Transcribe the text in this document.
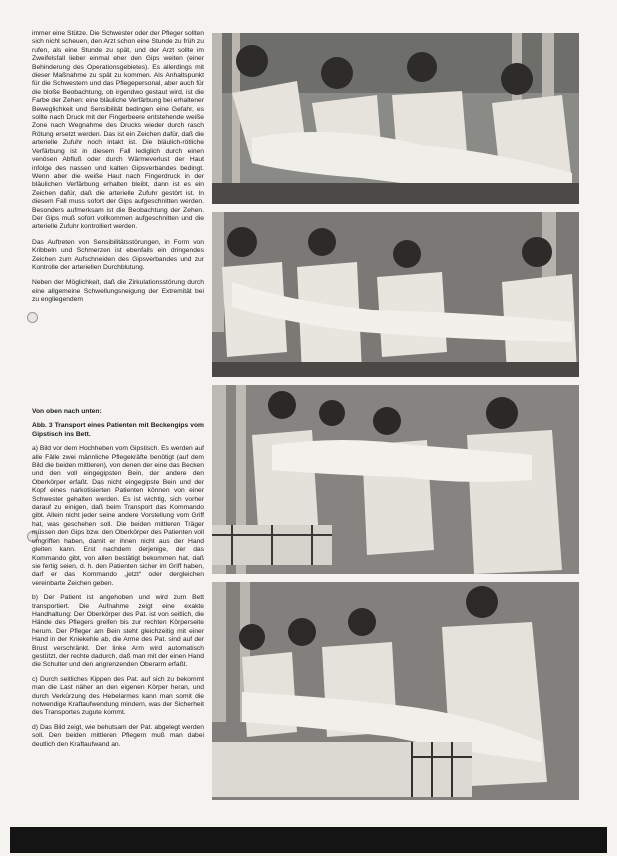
immer eine Stütze. Die Schwester oder der Pfleger sollten sich nicht scheuen, den Arzt schon eine Stunde zu früh zu rufen, als eine Stunde zu spät, und der Arzt sollte im Zweifelsfall lieber einmal eher den Gips weiten (einer Behinderung des Operationsgebietes). Es allerdings mit dieser Maßnahme zu spät zu kommen. Als Anhaltspunkt für die Schwestern und das Pflegepersonal, aber auch für die bloße Beobachtung, ob irgendwo gestaut wird, ist die Farbe der Zehen: eine bläuliche Verfärbung bei erhaltener Beweglichkeit und Sensibilität bedingen eine Gefahr, es sollte nach Druck mit der Fingerbeere entstehende weiße Zone nach Wegnahme des Drucks wieder durch rasch Rötung ersetzt werden. Das ist ein Zeichen dafür, daß die arterielle Zufuhr noch intakt ist. Die bläulich-rötliche Verfärbung ist in diesem Fall lediglich durch einen venösen Abfluß oder durch Wärmeverlust der Haut infolge des nassen und kalten Gipsverbandes bedingt. Wenn aber die weiße Haut nach Fingerdruck in der bläulichen Verfärbung erhalten bleibt, dann ist es ein Zeichen dafür, daß die arterielle Zufuhr gestört ist. In diesem Fall muss sofort der Gips aufgeschnitten werden. Besonders aufmerksam ist die Beobachtung der Zehen. Der Gips muß sofort vollkommen aufgeschnitten und die arterielle Zufuhr kontrolliert werden.

Das Auftreten von Sensibilitätsstörungen, in Form von Kribbeln und Schmerzen ist ebenfalls ein dringendes Zeichen zum Aufschneiden des Gipsverbandes und zur Kontrolle der arteriellen Durchblutung.

Neben der Möglichkeit, daß die Zirkulationsstörung durch eine allgemeine Schwellungsneigung der Extremität bei zu engliegendem

Von oben nach unten:

Abb. 3 Transport eines Patienten mit Beckengips vom Gipstisch ins Bett.

a) Bild vor dem Hochheben vom Gipstisch. Es werden auf alle Fälle zwei männliche Pflegekräfte benötigt (auf dem Bild die beiden mittleren), von denen der eine das Becken und den voll eingegipsten Bein, der andere den Oberkörper erfaßt. Das nicht eingegipste Bein und der Kopf eines narkotisierten Patienten können von einer Schwester gehalten werden. Es ist wichtig, sich vorher darauf zu einigen, daß beim Transport das Kommando gibt. Allein nicht jeder seine andere Vorstellung vom Griff hat, was geschehen soll. Die beiden mittleren Träger müssen den Gips bzw. den Oberkörper des Patienten voll umgriffen haben, damit er ihnen nicht aus der Hand gleiten kann. Erst nachdem derjenige, der das Kommando gibt, von allen bestätigt bekommen hat, daß sie fertig seien, d. h. den Patienten sicher im Griff haben, darf er das Kommando „jetzt“ oder dergleichen vereinbarte Zeichen geben.

b) Der Patient ist angehoben und wird zum Bett transportiert. Die Aufnahme zeigt eine exakte Handhaltung: Der Oberkörper des Pat. ist von seitlich, die Hände des Pflegers greifen bis zur rechten Körperseite herum. Der Pfleger am Bein steht gleichzeitig mit einer Hand in der Kniekehle ab, die Arme des Pat. sind auf der Brust verschränkt. Der linke Arm wird automatisch gestützt, der rechte dadurch, daß man mit der einen Hand die Schulter und den angrenzenden Oberarm erfaßt.

c) Durch seitliches Kippen des Pat. auf sich zu bekommt man die Last näher an den eigenen Körper heran, und durch Verkürzung des Hebelarmes kann man somit die notwendige Kraftaufwendung mindern, was der Sicherheit des Transportes zugute kommt.

d) Das Bild zeigt, wie behutsam der Pat. abgelegt werden soll. Den beiden mittleren Pflegern muß man dabei deutlich den Kraftaufwand an.
